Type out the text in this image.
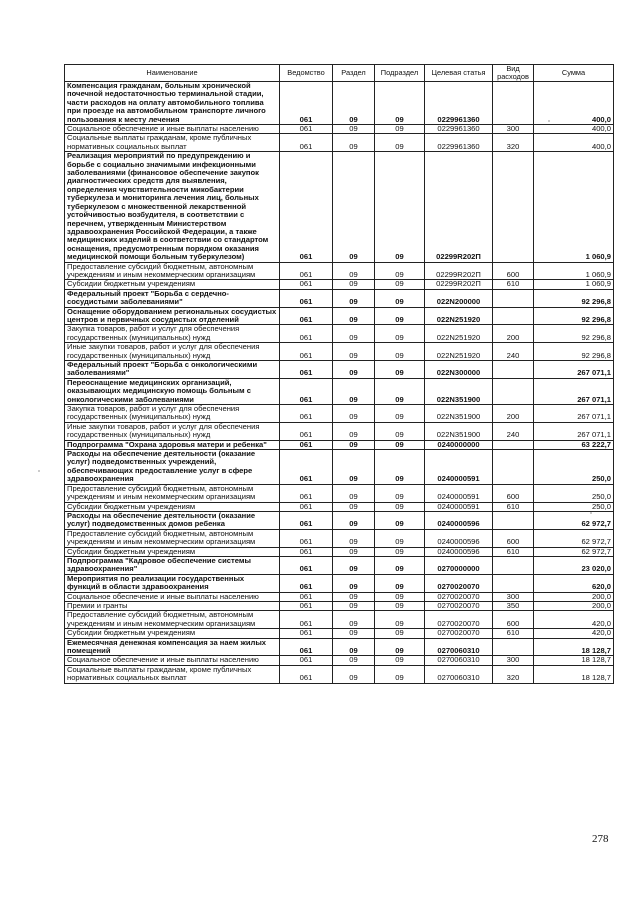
Наименование	Ведомство	Раздел	Подраздел	Целевая статья	Вид расходов	Сумма
Компенсация гражданам, больным хронической почечной недостаточностью терминальной стадии, части расходов на оплату автомобильного топлива при проезде на автомобильном транспорте личного пользования к месту лечения	061	09	09	0229961360		400,0
Социальное обеспечение и иные выплаты населению	061	09	09	0229961360	300	400,0
Социальные выплаты гражданам, кроме публичных нормативных социальных выплат	061	09	09	0229961360	320	400,0
Реализация мероприятий по предупреждению и борьбе с социально значимыми инфекционными заболеваниями (финансовое обеспечение закупок диагностических средств для выявления, определения чувствительности микобактерии туберкулеза и мониторинга лечения лиц, больных туберкулезом с множественной лекарственной устойчивостью возбудителя, в соответствии с перечнем, утвержденным Министерством здравоохранения Российской Федерации, а также медицинских изделий в соответствии со стандартом оснащения, предусмотренным порядком оказания медицинской помощи больным туберкулезом)	061	09	09	02299R202П		1 060,9
Предоставление субсидий бюджетным, автономным учреждениям и иным некоммерческим организациям	061	09	09	02299R202П	600	1 060,9
Субсидии бюджетным учреждениям	061	09	09	02299R202П	610	1 060,9
Федеральный проект "Борьба с сердечно-сосудистыми заболеваниями"	061	09	09	022N200000		92 296,8
Оснащение оборудованием региональных сосудистых центров и первичных сосудистых отделений	061	09	09	022N251920		92 296,8
Закупка товаров, работ и услуг для обеспечения государственных (муниципальных) нужд	061	09	09	022N251920	200	92 296,8
Иные закупки товаров, работ и услуг для обеспечения государственных (муниципальных) нужд	061	09	09	022N251920	240	92 296,8
Федеральный проект "Борьба с онкологическими заболеваниями"	061	09	09	022N300000		267 071,1
Переоснащение медицинских организаций, оказывающих медицинскую помощь больным с онкологическими заболеваниями	061	09	09	022N351900		267 071,1
Закупка товаров, работ и услуг для обеспечения государственных (муниципальных) нужд	061	09	09	022N351900	200	267 071,1
Иные закупки товаров, работ и услуг для обеспечения государственных (муниципальных) нужд	061	09	09	022N351900	240	267 071,1
Подпрограмма "Охрана здоровья матери и ребенка"	061	09	09	0240000000		63 222,7
Расходы на обеспечение деятельности (оказание услуг) подведомственных учреждений, обеспечивающих предоставление услуг в сфере здравоохранения	061	09	09	0240000591		250,0
Предоставление субсидий бюджетным, автономным учреждениям и иным некоммерческим организациям	061	09	09	0240000591	600	250,0
Субсидии бюджетным учреждениям	061	09	09	0240000591	610	250,0
Расходы на обеспечение деятельности (оказание услуг) подведомственных домов ребенка	061	09	09	0240000596		62 972,7
Предоставление субсидий бюджетным, автономным учреждениям и иным некоммерческим организациям	061	09	09	0240000596	600	62 972,7
Субсидии бюджетным учреждениям	061	09	09	0240000596	610	62 972,7
Подпрограмма "Кадровое обеспечение системы здравоохранения"	061	09	09	0270000000		23 020,0
Мероприятия по реализации государственных функций в области здравоохранения	061	09	09	0270020070		620,0
Социальное обеспечение и иные выплаты населению	061	09	09	0270020070	300	200,0
Премии и гранты	061	09	09	0270020070	350	200,0
Предоставление субсидий бюджетным, автономным учреждениям и иным некоммерческим организациям	061	09	09	0270020070	600	420,0
Субсидии бюджетным учреждениям	061	09	09	0270020070	610	420,0
Ежемесячная денежная компенсация за наем жилых помещений	061	09	09	0270060310		18 128,7
Социальное обеспечение и иные выплаты населению	061	09	09	0270060310	300	18 128,7
Социальные выплаты гражданам, кроме публичных нормативных социальных выплат	061	09	09	0270060310	320	18 128,7
278
